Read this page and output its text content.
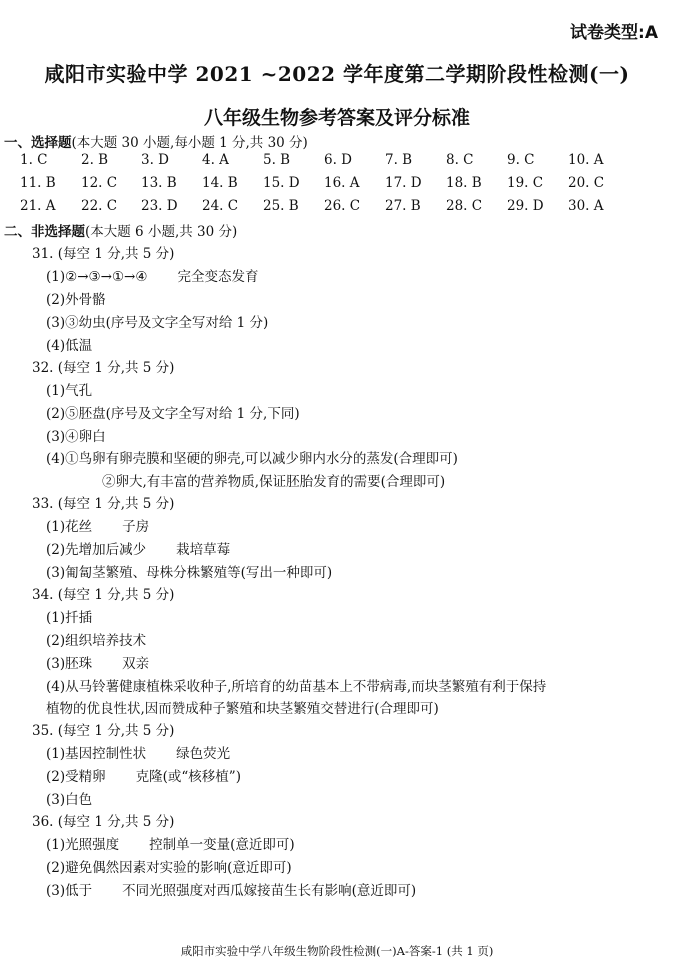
试卷类型:A
咸阳市实验中学 2021 ~2022 学年度第二学期阶段性检测(一)
八年级生物参考答案及评分标准
一、选择题(本大题 30 小题,每小题 1 分,共 30 分)
1. C 2. B 3. D 4. A	5. B	6. D 7. B	8. C 9. C 10. A
11. B 12. C 13. B 14. B 15. D 16. A 17. D 18. B 19. C 20. C
21. A 22. C 23. D 24. C 25. B 26. C 27. B 28. C 29. D 30. A
二、非选择题(本大题 6 小题,共 30 分)
31. (每空 1 分,共 5 分)
(1)②→③→①→④ 完全变态发育
(2)外骨骼
(3)③幼虫(序号及文字全写对给 1 分)
(4)低温
32. (每空 1 分,共 5 分)
(1)气孔
(2)⑤胚盘(序号及文字全写对给 1 分,下同)
(3)④卵白
(4)①鸟卵有卵壳膜和坚硬的卵壳,可以减少卵内水分的蒸发(合理即可)
②卵大,有丰富的营养物质,保证胚胎发育的需要(合理即可)
33. (每空 1 分,共 5 分)
(1)花丝 子房
(2)先增加后减少 栽培草莓
(3)匍匐茎繁殖、母株分株繁殖等(写出一种即可)
34. (每空 1 分,共 5 分)
(1)扦插
(2)组织培养技术
(3)胚珠 双亲
(4)从马铃薯健康植株采收种子,所培育的幼苗基本上不带病毒,而块茎繁殖有利于保持
植物的优良性状,因而赞成种子繁殖和块茎繁殖交替进行(合理即可)
35. (每空 1 分,共 5 分)
(1)基因控制性状 绿色荧光
(2)受精卵 克隆(或“核移植”)
(3)白色
36. (每空 1 分,共 5 分)
(1)光照强度 控制单一变量(意近即可)
(2)避免偶然因素对实验的影响(意近即可)
(3)低于 不同光照强度对西瓜嫁接苗生长有影响(意近即可)
咸阳市实验中学八年级生物阶段性检测(一)A-答案-1 (共 1 页)
